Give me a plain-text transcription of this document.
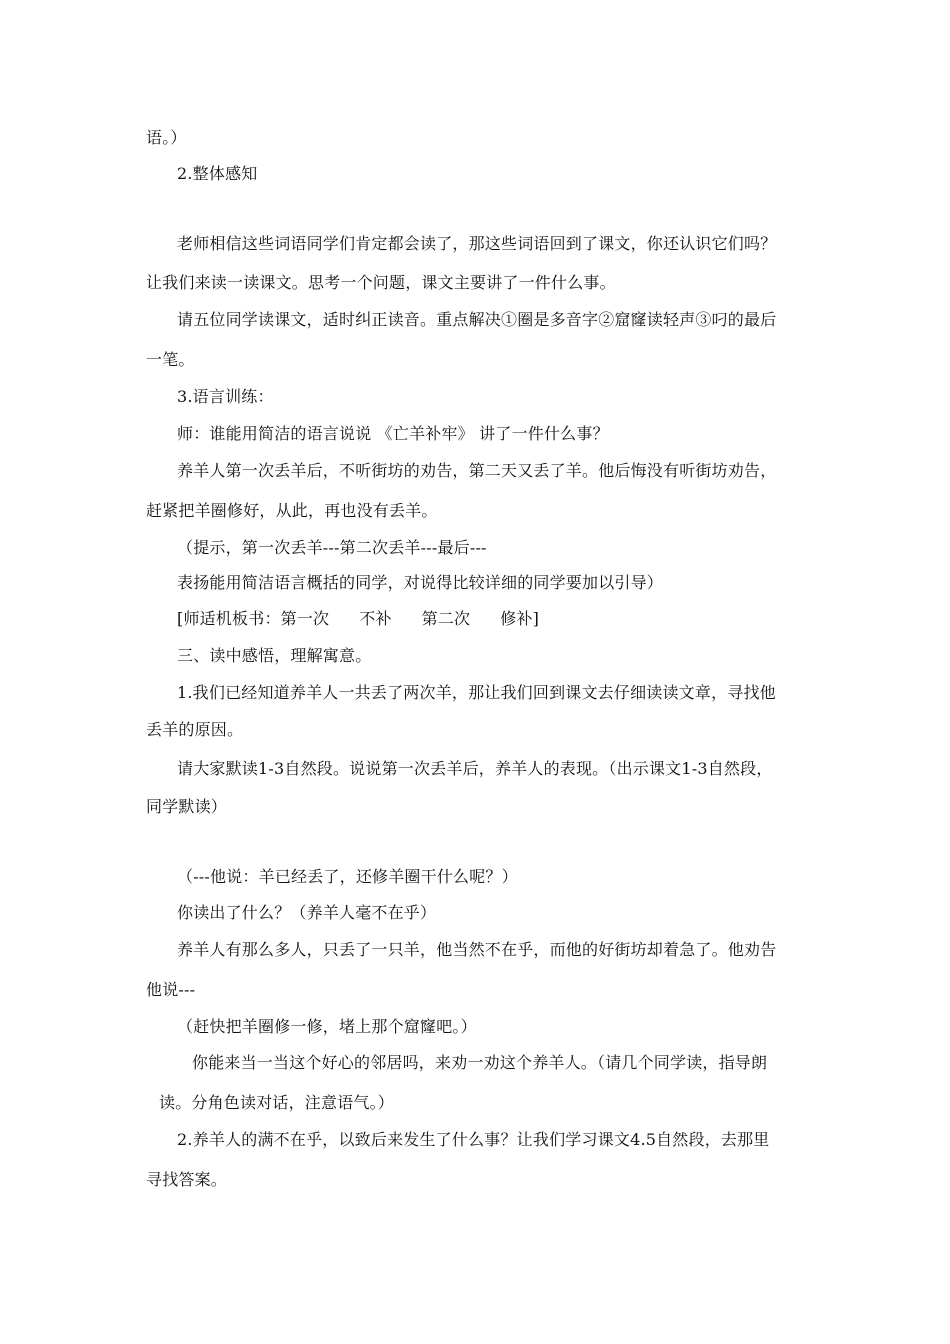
语。）
2.整体感知
老师相信这些词语同学们肯定都会读了，那这些词语回到了课文，你还认识它们吗？
让我们来读一读课文。思考一个问题，课文主要讲了一件什么事。
请五位同学读课文，适时纠正读音。重点解决①圈是多音字②窟窿读轻声③叼的最后
一笔。
3.语言训练：
师：谁能用简洁的语言说说 《亡羊补牢》 讲了一件什么事？
养羊人第一次丢羊后，不听街坊的劝告，第二天又丢了羊。他后悔没有听街坊劝告，
赶紧把羊圈修好，从此，再也没有丢羊。
（提示，第一次丢羊---第二次丢羊---最后---
表扬能用简洁语言概括的同学，对说得比较详细的同学要加以引导）
[师适机板书：第一次 不补 第二次 修补]
三、读中感悟，理解寓意。
1.我们已经知道养羊人一共丢了两次羊，那让我们回到课文去仔细读读文章，寻找他
丢羊的原因。
请大家默读1-3自然段。说说第一次丢羊后，养羊人的表现。（出示课文1-3自然段，
同学默读）
（---他说：羊已经丢了，还修羊圈干什么呢？）
你读出了什么？（养羊人毫不在乎）
养羊人有那么多人，只丢了一只羊，他当然不在乎，而他的好街坊却着急了。他劝告
他说---
（赶快把羊圈修一修，堵上那个窟窿吧。）
你能来当一当这个好心的邻居吗，来劝一劝这个养羊人。（请几个同学读，指导朗
读。分角色读对话，注意语气。）
2.养羊人的满不在乎，以致后来发生了什么事？让我们学习课文4.5自然段，去那里
寻找答案。
